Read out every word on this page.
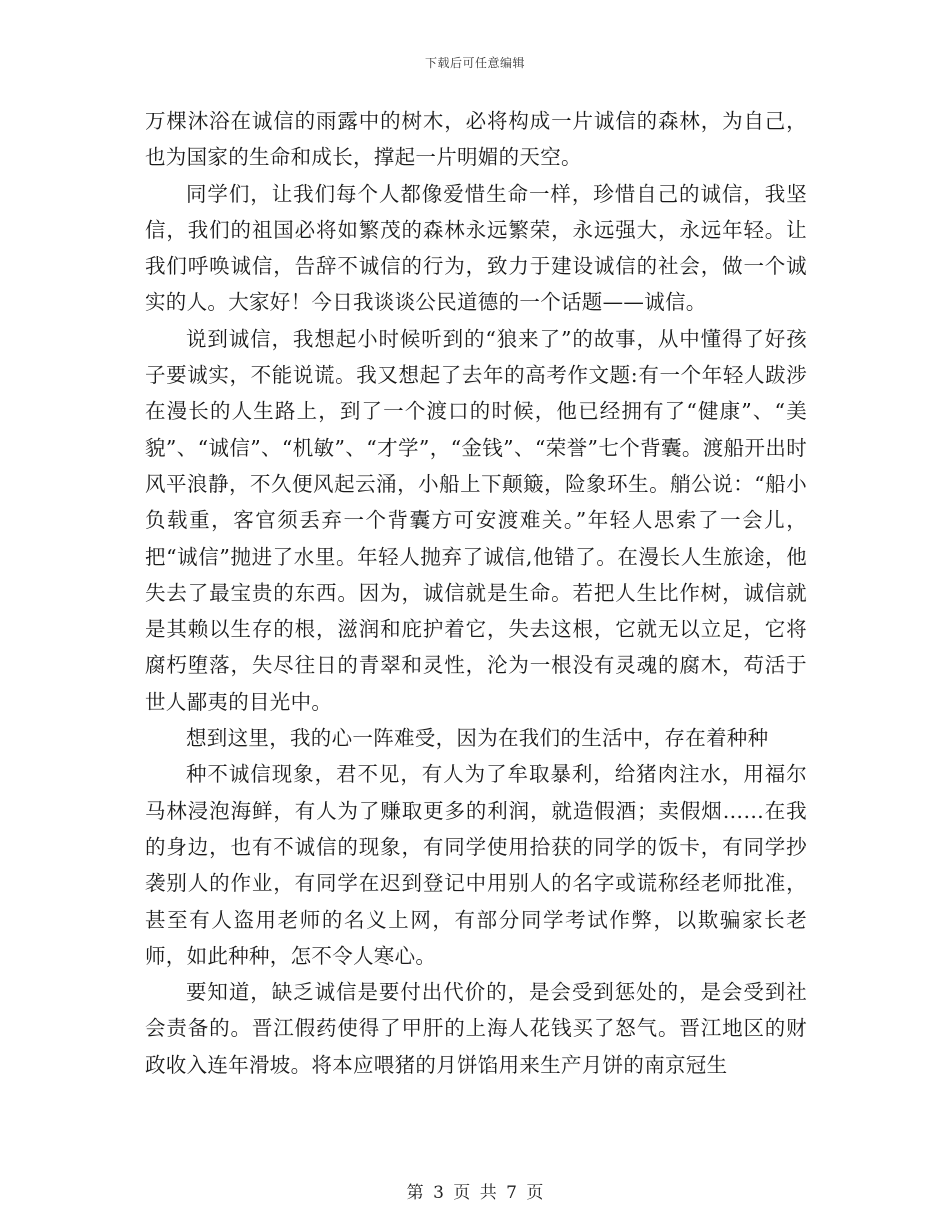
下载后可任意编辑

万棵沐浴在诚信的雨露中的树木，必将构成一片诚信的森林，为自己，也为国家的生命和成长，撑起一片明媚的天空。

同学们，让我们每个人都像爱惜生命一样，珍惜自己的诚信，我坚信，我们的祖国必将如繁茂的森林永远繁荣，永远强大，永远年轻。让我们呼唤诚信，告辞不诚信的行为，致力于建设诚信的社会，做一个诚实的人。大家好！今日我谈谈公民道德的一个话题——诚信。

说到诚信，我想起小时候听到的“狼来了”的故事，从中懂得了好孩子要诚实，不能说谎。我又想起了去年的高考作文题:有一个年轻人跋涉在漫长的人生路上，到了一个渡口的时候，他已经拥有了“健康”、“美貌”、“诚信”、“机敏”、“才学”，“金钱”、“荣誉”七个背囊。渡船开出时风平浪静，不久便风起云涌，小船上下颠簸，险象环生。艄公说：“船小负载重，客官须丢弃一个背囊方可安渡难关。”年轻人思索了一会儿，把“诚信”抛进了水里。年轻人抛弃了诚信,他错了。在漫长人生旅途，他失去了最宝贵的东西。因为，诚信就是生命。若把人生比作树，诚信就是其赖以生存的根，滋润和庇护着它，失去这根，它就无以立足，它将腐朽堕落，失尽往日的青翠和灵性，沦为一根没有灵魂的腐木，苟活于世人鄙夷的目光中。

想到这里，我的心一阵难受，因为在我们的生活中，存在着种种

种不诚信现象，君不见，有人为了牟取暴利，给猪肉注水，用福尔马林浸泡海鲜，有人为了赚取更多的利润，就造假酒；卖假烟……在我的身边，也有不诚信的现象，有同学使用拾获的同学的饭卡，有同学抄袭别人的作业，有同学在迟到登记中用别人的名字或谎称经老师批准，甚至有人盗用老师的名义上网，有部分同学考试作弊，以欺骗家长老师，如此种种，怎不令人寒心。

要知道，缺乏诚信是要付出代价的，是会受到惩处的，是会受到社会责备的。晋江假药使得了甲肝的上海人花钱买了怒气。晋江地区的财政收入连年滑坡。将本应喂猪的月饼馅用来生产月饼的南京冠生

第 3 页 共 7 页
